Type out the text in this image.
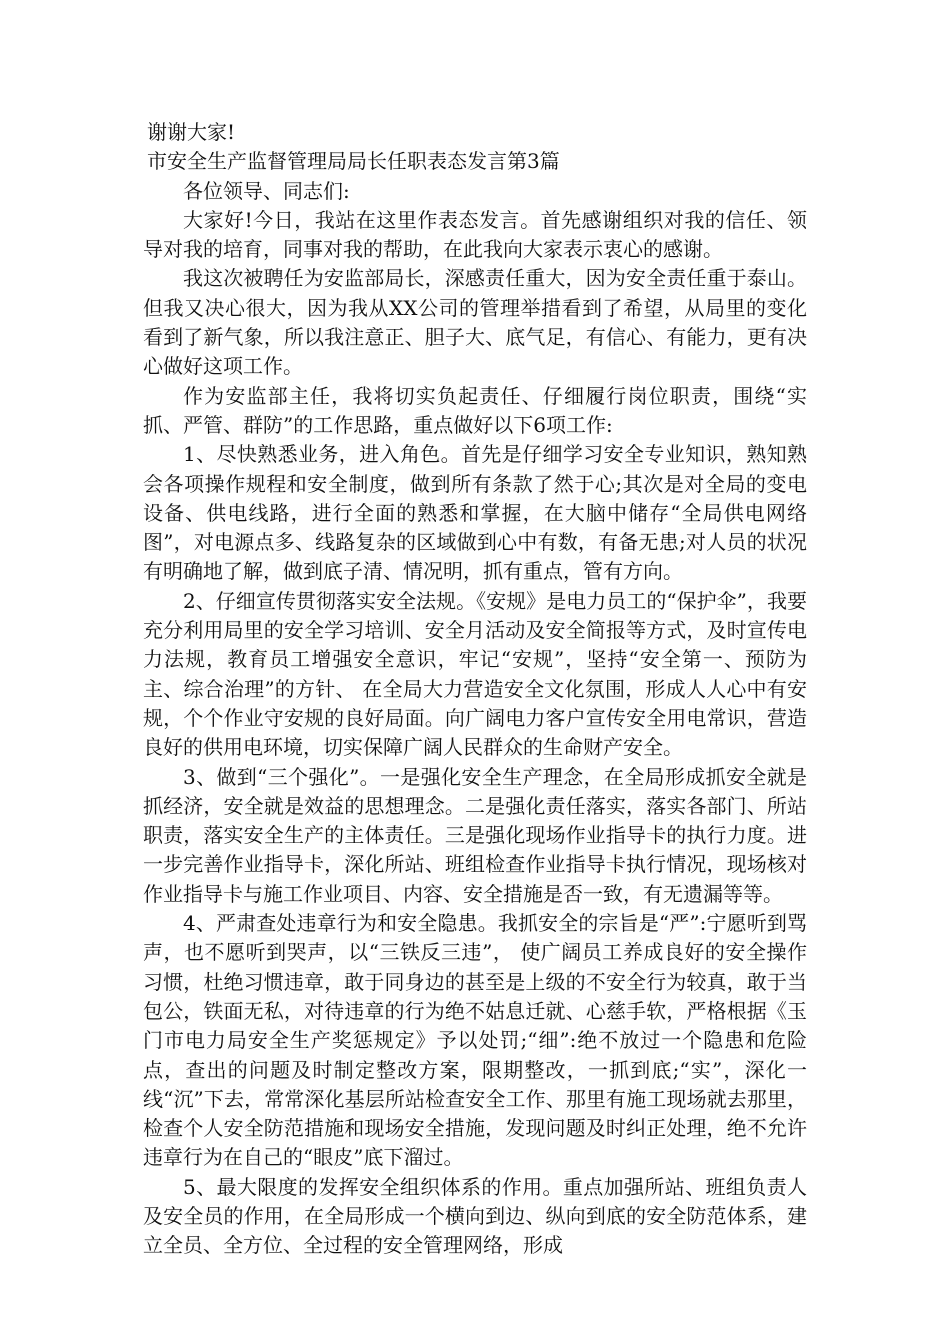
谢谢大家!

市安全生产监督管理局局长任职表态发言第3篇

各位领导、同志们:

大家好!今日，我站在这里作表态发言。首先感谢组织对我的信任、领导对我的培育，同事对我的帮助，在此我向大家表示衷心的感谢。

我这次被聘任为安监部局长，深感责任重大，因为安全责任重于泰山。但我又决心很大，因为我从XX公司的管理举措看到了希望，从局里的变化看到了新气象，所以我注意正、胆子大、底气足，有信心、有能力，更有决心做好这项工作。

作为安监部主任，我将切实负起责任、仔细履行岗位职责，围绕“实抓、严管、群防”的工作思路，重点做好以下6项工作:

1、尽快熟悉业务，进入角色。首先是仔细学习安全专业知识，熟知熟会各项操作规程和安全制度，做到所有条款了然于心;其次是对全局的变电设备、供电线路，进行全面的熟悉和掌握，在大脑中储存“全局供电网络图”，对电源点多、线路复杂的区域做到心中有数，有备无患;对人员的状况有明确地了解，做到底子清、情况明，抓有重点，管有方向。

2、仔细宣传贯彻落实安全法规。《安规》是电力员工的“保护伞”，我要充分利用局里的安全学习培训、安全月活动及安全简报等方式，及时宣传电力法规，教育员工增强安全意识，牢记“安规”，坚持“安全第一、预防为主、综合治理”的方针、 在全局大力营造安全文化氛围，形成人人心中有安规，个个作业守安规的良好局面。向广阔电力客户宣传安全用电常识，营造良好的供用电环境，切实保障广阔人民群众的生命财产安全。

3、做到“三个强化”。一是强化安全生产理念，在全局形成抓安全就是抓经济，安全就是效益的思想理念。二是强化责任落实，落实各部门、所站职责，落实安全生产的主体责任。三是强化现场作业指导卡的执行力度。进一步完善作业指导卡，深化所站、班组检查作业指导卡执行情况，现场核对作业指导卡与施工作业项目、内容、安全措施是否一致，有无遗漏等等。

4、严肃查处违章行为和安全隐患。我抓安全的宗旨是“严”:宁愿听到骂声，也不愿听到哭声，以“三铁反三违”， 使广阔员工养成良好的安全操作习惯，杜绝习惯违章，敢于同身边的甚至是上级的不安全行为较真，敢于当包公，铁面无私，对待违章的行为绝不姑息迁就、心慈手软，严格根据《玉门市电力局安全生产奖惩规定》予以处罚;“细”:绝不放过一个隐患和危险点，查出的问题及时制定整改方案，限期整改，一抓到底;“实”，深化一线“沉”下去，常常深化基层所站检查安全工作、那里有施工现场就去那里，检查个人安全防范措施和现场安全措施，发现问题及时纠正处理，绝不允许违章行为在自己的“眼皮”底下溜过。

5、最大限度的发挥安全组织体系的作用。重点加强所站、班组负责人及安全员的作用，在全局形成一个横向到边、纵向到底的安全防范体系，建立全员、全方位、全过程的安全管理网络，形成
